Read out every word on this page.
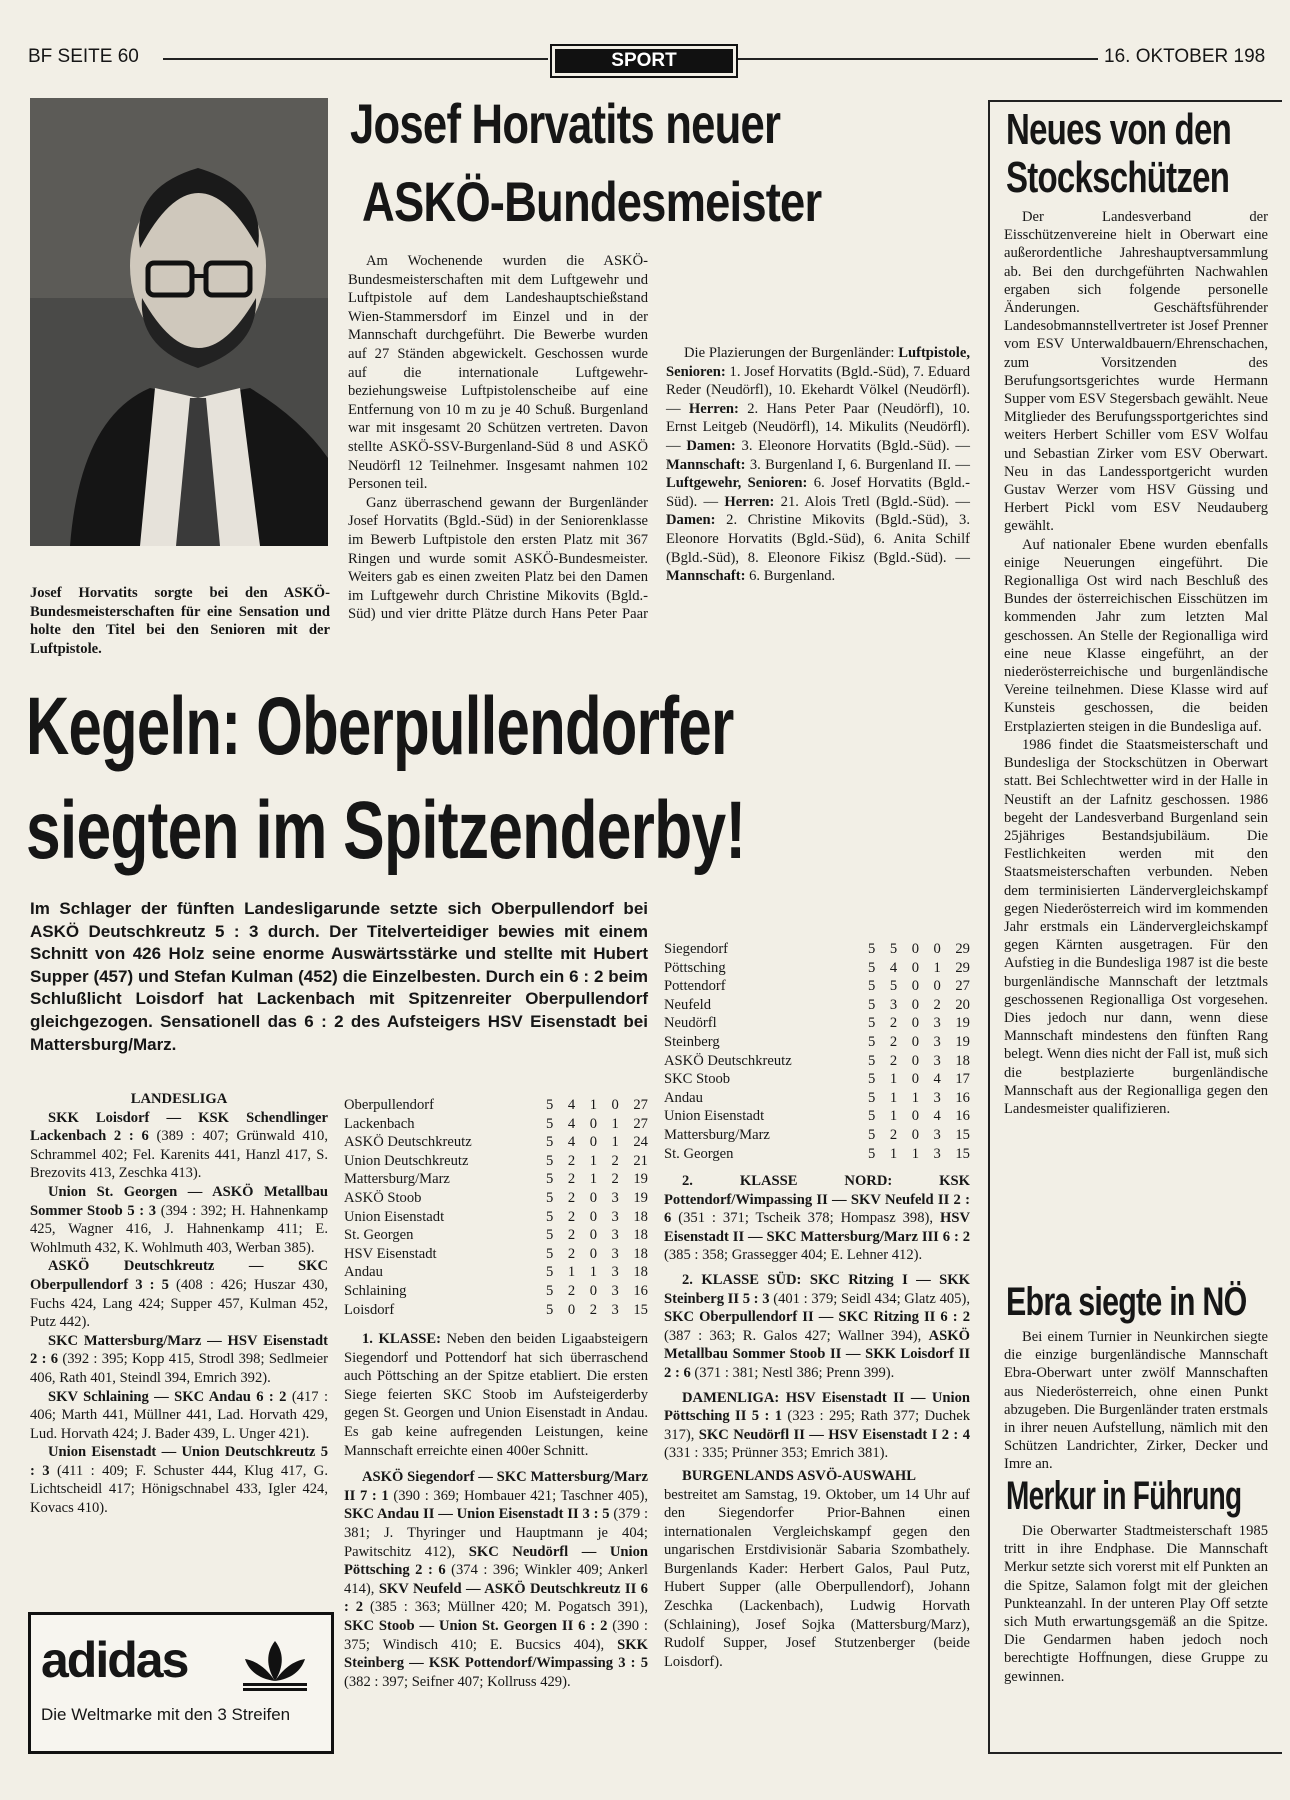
BF SEITE 60	SPORT	16. OKTOBER 198
Josef Horvatits sorgte bei den ASKÖ-Bundesmeisterschaften für eine Sensation und holte den Titel bei den Senioren mit der Luftpistole.
Josef Horvatits neuer
ASKÖ-Bundesmeister

Am Wochenende wurden die ASKÖ-Bundesmeisterschaften mit dem Luftgewehr und Luftpistole auf dem Landeshauptschießstand Wien-Stammersdorf im Einzel und in der Mannschaft durchgeführt. Die Bewerbe wurden auf 27 Ständen abgewickelt. Geschossen wurde auf die internationale Luftgewehr- beziehungsweise Luftpistolenscheibe auf eine Entfernung von 10 m zu je 40 Schuß. Burgenland war mit insgesamt 20 Schützen vertreten. Davon stellte ASKÖ-SSV-Burgenland-Süd 8 und ASKÖ Neudörfl 12 Teilnehmer. Insgesamt nahmen 102 Personen teil.

Ganz überraschend gewann der Burgenländer Josef Horvatits (Bgld.-Süd) in der Seniorenklasse im Bewerb Luftpistole den ersten Platz mit 367 Ringen und wurde somit ASKÖ-Bundesmeister. Weiters gab es einen zweiten Platz bei den Damen im Luftgewehr durch Christine Mikovits (Bgld.-Süd) und vier dritte Plätze durch Hans Peter Paar

Die Plazierungen der Burgenländer: Luftpistole, Senioren: 1. Josef Horvatits (Bgld.-Süd), 7. Eduard Reder (Neudörfl), 10. Ekehardt Völkel (Neudörfl). — Herren: 2. Hans Peter Paar (Neudörfl), 10. Ernst Leitgeb (Neudörfl), 14. Mikulits (Neudörfl). — Damen: 3. Eleonore Horvatits (Bgld.-Süd). — Mannschaft: 3. Burgenland I, 6. Burgenland II. — Luftgewehr, Senioren: 6. Josef Horvatits (Bgld.-Süd). — Herren: 21. Alois Tretl (Bgld.-Süd). — Damen: 2. Christine Mikovits (Bgld.-Süd), 3. Eleonore Horvatits (Bgld.-Süd), 6. Anita Schilf (Bgld.-Süd), 8. Eleonore Fikisz (Bgld.-Süd). — Mannschaft: 6. Burgenland.

Kegeln: Oberpullendorfer
siegten im Spitzenderby!
Im Schlager der fünften Landesligarunde setzte sich Oberpullendorf bei ASKÖ Deutschkreutz 5 : 3 durch. Der Titelverteidiger bewies mit einem Schnitt von 426 Holz seine enorme Auswärtsstärke und stellte mit Hubert Supper (457) und Stefan Kulman (452) die Einzelbesten. Durch ein 6 : 2 beim Schlußlicht Loisdorf hat Lackenbach mit Spitzenreiter Oberpullendorf gleichgezogen. Sensationell das 6 : 2 des Aufsteigers HSV Eisenstadt bei Mattersburg/Marz.

LANDESLIGA

SKK Loisdorf — KSK Schendlinger Lackenbach 2 : 6 (389 : 407; Grünwald 410, Schrammel 402; Fel. Karenits 441, Hanzl 417, S. Brezovits 413, Zeschka 413).

Union St. Georgen — ASKÖ Metallbau Sommer Stoob 5 : 3 (394 : 392; H. Hahnenkamp 425, Wagner 416, J. Hahnenkamp 411; E. Wohlmuth 432, K. Wohlmuth 403, Werban 385).

ASKÖ Deutschkreutz — SKC Oberpullendorf 3 : 5 (408 : 426; Huszar 430, Fuchs 424, Lang 424; Supper 457, Kulman 452, Putz 442).

SKC Mattersburg/Marz — HSV Eisenstadt 2 : 6 (392 : 395; Kopp 415, Strodl 398; Sedlmeier 406, Rath 401, Steindl 394, Emrich 392).

SKV Schlaining — SKC Andau 6 : 2 (417 : 406; Marth 441, Müllner 441, Lad. Horvath 429, Lud. Horvath 424; J. Bader 439, L. Unger 421).

Union Eisenstadt — Union Deutschkreutz 5 : 3 (411 : 409; F. Schuster 444, Klug 417, G. Lichtscheidl 417; Hönigschnabel 433, Igler 424, Kovacs 410).

Oberpullendorf	5 4 1 0 27
Lackenbach	5 4 0 1 27
ASKÖ Deutschkreutz	5 4 0 1 24
Union Deutschkreutz	5 2 1 2 21
Mattersburg/Marz	5 2 1 2 19
ASKÖ Stoob	5 2 0 3 19
Union Eisenstadt	5 2 0 3 18
St. Georgen	5 2 0 3 18
HSV Eisenstadt	5 2 0 3 18
Andau	5 1 1 3 18
Schlaining	5 2 0 3 16
Loisdorf	5 0 2 3 15

1. KLASSE: Neben den beiden Ligaabsteigern Siegendorf und Pottendorf hat sich überraschend auch Pöttsching an der Spitze etabliert. Die ersten Siege feierten SKC Stoob im Aufsteigerderby gegen St. Georgen und Union Eisenstadt in Andau. Es gab keine aufregenden Leistungen, keine Mannschaft erreichte einen 400er Schnitt.

ASKÖ Siegendorf — SKC Mattersburg/Marz II 7 : 1 (390 : 369; Hombauer 421; Taschner 405), SKC Andau II — Union Eisenstadt II 3 : 5 (379 : 381; J. Thyringer und Hauptmann je 404; Pawitschitz 412), SKC Neudörfl — Union Pöttsching 2 : 6 (374 : 396; Winkler 409; Ankerl 414), SKV Neufeld — ASKÖ Deutschkreutz II 6 : 2 (385 : 363; Müllner 420; M. Pogatsch 391), SKC Stoob — Union St. Georgen II 6 : 2 (390 : 375; Windisch 410; E. Bucsics 404), SKK Steinberg — KSK Pottendorf/Wimpassing 3 : 5 (382 : 397; Seifner 407; Kollruss 429).

Siegendorf	5 5 0 0 29
Pöttsching	5 4 0 1 29
Pottendorf	5 5 0 0 27
Neufeld	5 3 0 2 20
Neudörfl	5 2 0 3 19
Steinberg	5 2 0 3 19
ASKÖ Deutschkreutz	5 2 0 3 18
SKC Stoob	5 1 0 4 17
Andau	5 1 1 3 16
Union Eisenstadt	5 1 0 4 16
Mattersburg/Marz	5 2 0 3 15
St. Georgen	5 1 1 3 15

2. KLASSE NORD: KSK Pottendorf/Wimpassing II — SKV Neufeld II 2 : 6 (351 : 371; Tscheik 378; Hompasz 398), HSV Eisenstadt II — SKC Mattersburg/Marz III 6 : 2 (385 : 358; Grassegger 404; E. Lehner 412).

2. KLASSE SÜD: SKC Ritzing I — SKK Steinberg II 5 : 3 (401 : 379; Seidl 434; Glatz 405), SKC Oberpullendorf II — SKC Ritzing II 6 : 2 (387 : 363; R. Galos 427; Wallner 394), ASKÖ Metallbau Sommer Stoob II — SKK Loisdorf II 2 : 6 (371 : 381; Nestl 386; Prenn 399).

DAMENLIGA: HSV Eisenstadt II — Union Pöttsching II 5 : 1 (323 : 295; Rath 377; Duchek 317), SKC Neudörfl II — HSV Eisenstadt I 2 : 4 (331 : 335; Prünner 353; Emrich 381).

BURGENLANDS ASVÖ-AUSWAHL

bestreitet am Samstag, 19. Oktober, um 14 Uhr auf den Siegendorfer Prior-Bahnen einen internationalen Vergleichskampf gegen den ungarischen Erstdivisionär Sabaria Szombathely. Burgenlands Kader: Herbert Galos, Paul Putz, Hubert Supper (alle Oberpullendorf), Johann Zeschka (Lackenbach), Ludwig Horvath (Schlaining), Josef Sojka (Mattersburg/Marz), Rudolf Supper, Josef Stutzenberger (beide Loisdorf).

adidas
Die Weltmarke mit den 3 Streifen
Neues von den
Stockschützen

Der Landesverband der Eisschützenvereine hielt in Oberwart eine außerordentliche Jahreshauptversammlung ab. Bei den durchgeführten Nachwahlen ergaben sich folgende personelle Änderungen. Geschäftsführender Landesobmannstellvertreter ist Josef Prenner vom ESV Unterwaldbauern/Ehrenschachen, zum Vorsitzenden des Berufungsortsgerichtes wurde Hermann Supper vom ESV Stegersbach gewählt. Neue Mitglieder des Berufungssportgerichtes sind weiters Herbert Schiller vom ESV Wolfau und Sebastian Zirker vom ESV Oberwart. Neu in das Landessportgericht wurden Gustav Werzer vom HSV Güssing und Herbert Pickl vom ESV Neudauberg gewählt.

Auf nationaler Ebene wurden ebenfalls einige Neuerungen eingeführt. Die Regionalliga Ost wird nach Beschluß des Bundes der österreichischen Eisschützen im kommenden Jahr zum letzten Mal geschossen. An Stelle der Regionalliga wird eine neue Klasse eingeführt, an der niederösterreichische und burgenländische Vereine teilnehmen. Diese Klasse wird auf Kunsteis geschossen, die beiden Erstplazierten steigen in die Bundesliga auf.

1986 findet die Staatsmeisterschaft und Bundesliga der Stockschützen in Oberwart statt. Bei Schlechtwetter wird in der Halle in Neustift an der Lafnitz geschossen. 1986 begeht der Landesverband Burgenland sein 25jähriges Bestandsjubiläum. Die Festlichkeiten werden mit den Staatsmeisterschaften verbunden. Neben dem terminisierten Ländervergleichskampf gegen Niederösterreich wird im kommenden Jahr erstmals ein Ländervergleichskampf gegen Kärnten ausgetragen. Für den Aufstieg in die Bundesliga 1987 ist die beste burgenländische Mannschaft der letztmals geschossenen Regionalliga Ost vorgesehen. Dies jedoch nur dann, wenn diese Mannschaft mindestens den fünften Rang belegt. Wenn dies nicht der Fall ist, muß sich die bestplazierte burgenländische Mannschaft aus der Regionalliga gegen den Landesmeister qualifizieren.

Ebra siegte in NÖ

Bei einem Turnier in Neunkirchen siegte die einzige burgenländische Mannschaft Ebra-Oberwart unter zwölf Mannschaften aus Niederösterreich, ohne einen Punkt abzugeben. Die Burgenländer traten erstmals in ihrer neuen Aufstellung, nämlich mit den Schützen Landrichter, Zirker, Decker und Imre an.

Merkur in Führung

Die Oberwarter Stadtmeisterschaft 1985 tritt in ihre Endphase. Die Mannschaft Merkur setzte sich vorerst mit elf Punkten an die Spitze, Salamon folgt mit der gleichen Punkteanzahl. In der unteren Play Off setzte sich Muth erwartungsgemäß an die Spitze. Die Gendarmen haben jedoch noch berechtigte Hoffnungen, diese Gruppe zu gewinnen.
